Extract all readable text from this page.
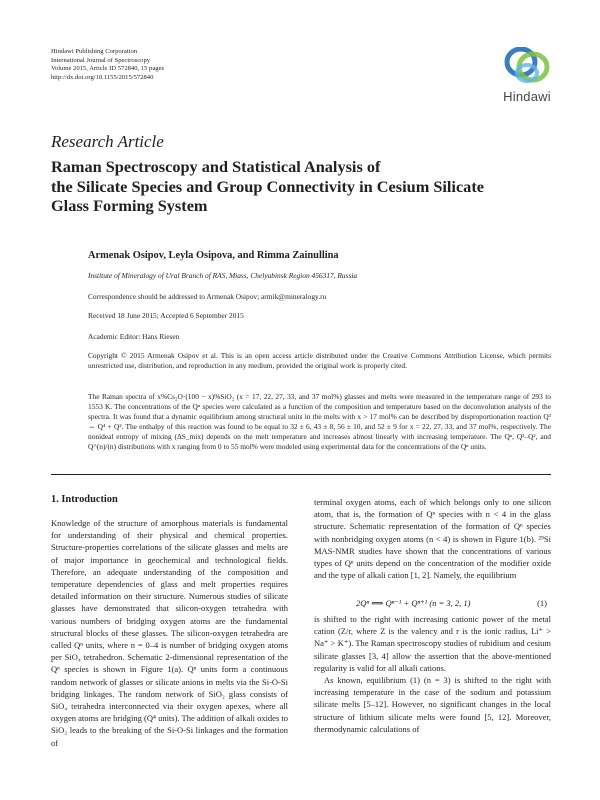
Hindawi Publishing Corporation
International Journal of Spectroscopy
Volume 2015, Article ID 572840, 15 pages
http://dx.doi.org/10.1155/2015/572840
Hindawi
Research Article
Raman Spectroscopy and Statistical Analysis of
the Silicate Species and Group Connectivity in Cesium Silicate
Glass Forming System
Armenak Osipov, Leyla Osipova, and Rimma Zainullina
Institute of Mineralogy of Ural Branch of RAS, Miass, Chelyabinsk Region 456317, Russia
Correspondence should be addressed to Armenak Osipov; armik@mineralogy.ru
Received 18 June 2015; Accepted 6 September 2015
Academic Editor: Hans Riesen
Copyright © 2015 Armenak Osipov et al. This is an open access article distributed under the Creative Commons Attribution License, which permits unrestricted use, distribution, and reproduction in any medium, provided the original work is properly cited.
The Raman spectra of x%Cs₂O·(100 − x)%SiO₂ (x = 17, 22, 27, 33, and 37 mol%) glasses and melts were measured in the temperature range of 293 to 1553 K. The concentrations of the Qⁿ species were calculated as a function of the composition and temperature based on the deconvolution analysis of the spectra. It was found that a dynamic equilibrium among structural units in the melts with x > 17 mol% can be described by disproportionation reaction Q³ ⇔ Q⁴ + Q². The enthalpy of this reaction was found to be equal to 32 ± 6, 43 ± 8, 56 ± 10, and 52 ± 9 for x = 22, 27, 33, and 37 mol%, respectively. The nonideal entropy of mixing (ΔS_mix) depends on the melt temperature and increases almost linearly with increasing temperature. The Qⁿ, Q²–Q², and Q^(n)/(n) distributions with x ranging from 0 to 55 mol% were modeled using experimental data for the concentrations of the Qⁿ units.
1. Introduction

Knowledge of the structure of amorphous materials is fundamental for understanding of their physical and chemical properties. Structure-properties correlations of the silicate glasses and melts are of major importance in geochemical and technological fields. Therefore, an adequate understanding of the composition and temperature dependencies of glass and melt properties requires detailed information on their structure. Numerous studies of silicate glasses have demonstrated that silicon-oxygen tetrahedra with various numbers of bridging oxygen atoms are the fundamental structural blocks of these glasses. The silicon-oxygen tetrahedra are called Qⁿ units, where n = 0–4 is number of bridging oxygen atoms per SiO₄ tetrahedron. Schematic 2-dimensional representation of the Qⁿ species is shown in Figure 1(a). Qⁿ units form a continuous random network of glasses or silicate anions in melts via the Si-O-Si bridging linkages. The random network of SiO₂ glass consists of SiO₄ tetrahedra interconnected via their oxygen apexes, where all oxygen atoms are bridging (Q⁴ units). The addition of alkali oxides to SiO₂ leads to the breaking of the Si-O-Si linkages and the formation of

terminal oxygen atoms, each of which belongs only to one silicon atom, that is, the formation of Qⁿ species with n < 4 in the glass structure. Schematic representation of the formation of Qⁿ species with nonbridging oxygen atoms (n < 4) is shown in Figure 1(b). ²⁹Si MAS-NMR studies have shown that the concentrations of various types of Qⁿ units depend on the concentration of the modifier oxide and the type of alkali cation [1, 2]. Namely, the equilibrium

2Qⁿ ⟺ Qⁿ⁻¹ + Qⁿ⁺¹ (n = 3, 2, 1)	(1)

is shifted to the right with increasing cationic power of the metal cation (Z/r, where Z is the valency and r is the ionic radius, Li⁺ > Na⁺ > K⁺). The Raman spectroscopy studies of rubidium and cesium silicate glasses [3, 4] allow the assertion that the above-mentioned regularity is valid for all alkali cations.

As known, equilibrium (1) (n = 3) is shifted to the right with increasing temperature in the case of the sodium and potassium silicate melts [5–12]. However, no significant changes in the local structure of lithium silicate melts were found [5, 12]. Moreover, thermodynamic calculations of
